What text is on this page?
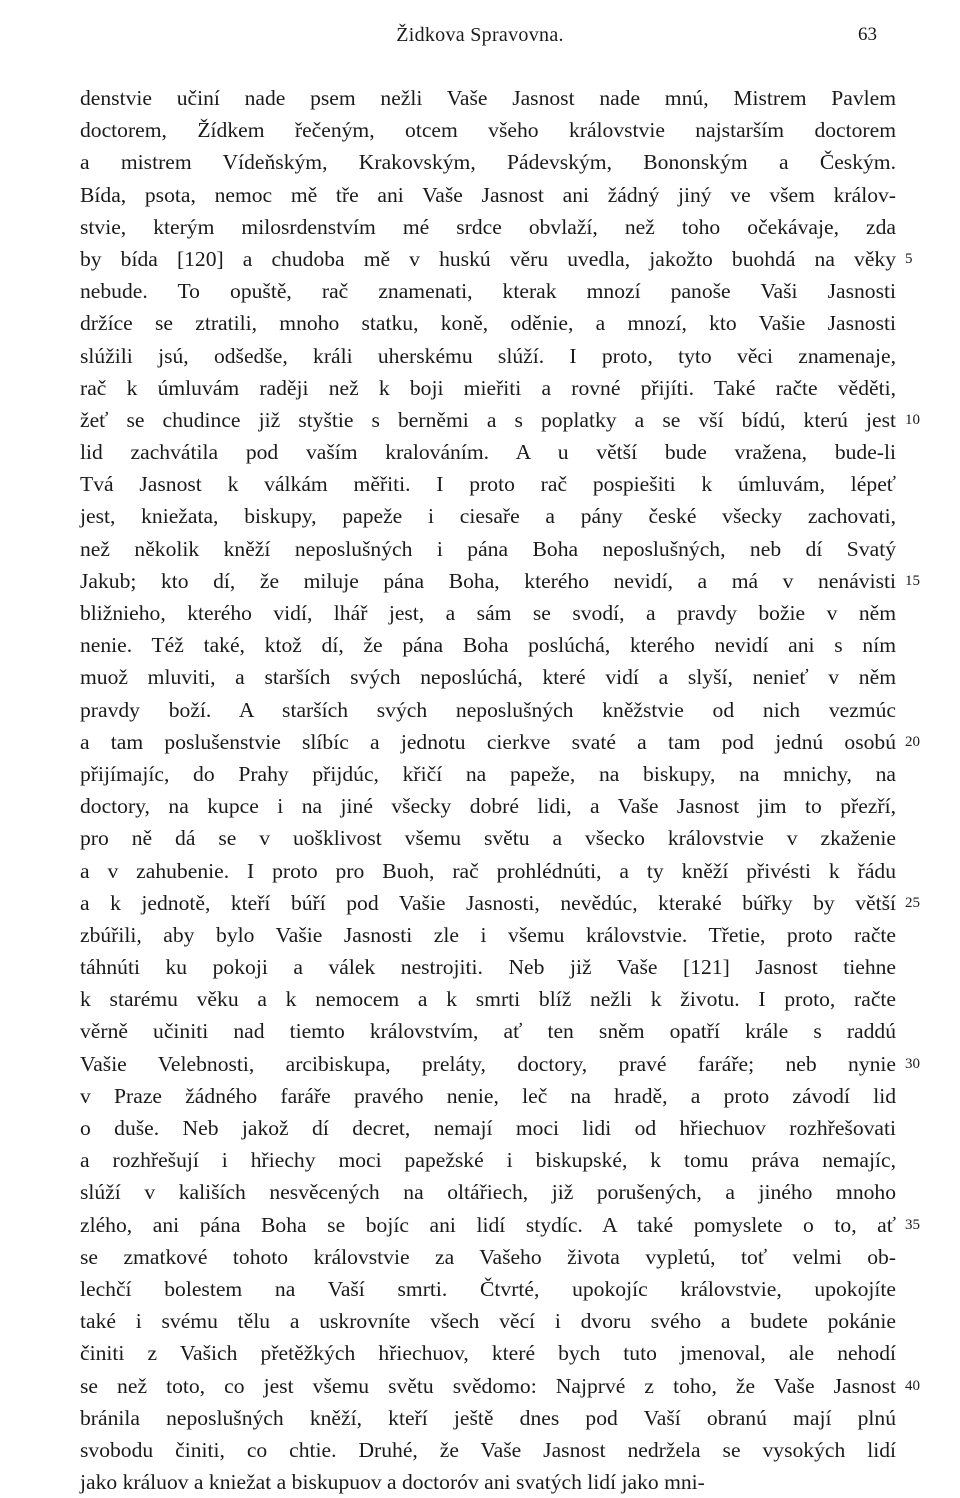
Židkova Spravovna.	63
denstvie učiní nade psem nežli Vaše Jasnost nade mnú, Mistrem Pavlem
doctorem, Žídkem řečeným, otcem všeho královstvie najstarším doctorem
a mistrem Vídeňským, Krakovským, Pádevským, Bononským a Českým.
Bída, psota, nemoc mě tře ani Vaše Jasnost ani žádný jiný ve všem králov-
stvie, kterým milosrdenstvím mé srdce obvlaží, než toho očekávaje, zda
by bída [120] a chudoba mě v huskú věru uvedla, jakožto buohdá na věky
nebude. To opuště, rač znamenati, kterak mnozí panoše Vaši Jasnosti
držíce se ztratili, mnoho statku, koně, oděnie, a mnozí, kto Vašie Jasnosti
slúžili jsú, odšedše, králi uherskému slúží. I proto, tyto věci znamenaje,
rač k úmluvám raději než k boji mieřiti a rovné přijíti. Také račte věděti,
žeť se chudince již styštie s berněmi a s poplatky a se vší bídú, kterú jest
lid zachvátila pod vaším kralováním. A u větší bude vražena, bude-li
Tvá Jasnost k válkám měřiti. I proto rač pospiešiti k úmluvám, lépeť
jest, kniežata, biskupy, papeže i ciesaře a pány české všecky zachovati,
než několik kněží neposlušných i pána Boha neposlušných, neb dí Svatý
Jakub; kto dí, že miluje pána Boha, kterého nevidí, a má v nenávisti
bližnieho, kterého vidí, lhář jest, a sám se svodí, a pravdy božie v něm
nenie. Též také, ktož dí, že pána Boha poslúchá, kterého nevidí ani s ním
muož mluviti, a starších svých neposlúchá, které vidí a slyší, nenieť v něm
pravdy boží. A starších svých neposlušných kněžstvie od nich vezmúc
a tam poslušenstvie slíbíc a jednotu cierkve svaté a tam pod jednú osobú
přijímajíc, do Prahy přijdúc, křičí na papeže, na biskupy, na mnichy, na
doctory, na kupce i na jiné všecky dobré lidi, a Vaše Jasnost jim to přezří,
pro ně dá se v uošklivost všemu světu a všecko královstvie v zkaženie
a v zahubenie. I proto pro Buoh, rač prohlédnúti, a ty kněží přivésti k řádu
a k jednotě, kteří búří pod Vašie Jasnosti, nevědúc, kteraké búřky by větší
zbúřili, aby bylo Vašie Jasnosti zle i všemu královstvie. Třetie, proto račte
táhnúti ku pokoji a válek nestrojiti. Neb již Vaše [121] Jasnost tiehne
k starému věku a k nemocem a k smrti blíž nežli k životu. I proto, račte
věrně učiniti nad tiemto královstvím, ať ten sněm opatří krále s raddú
Vašie Velebnosti, arcibiskupa, preláty, doctory, pravé faráře; neb nynie
v Praze žádného faráře pravého nenie, leč na hradě, a proto závodí lid
o duše. Neb jakož dí decret, nemají moci lidi od hřiechuov rozhřešovati
a rozhřešují i hřiechy moci papežské i biskupské, k tomu práva nemajíc,
slúží v kališích nesvěcených na oltářiech, již porušených, a jiného mnoho
zlého, ani pána Boha se bojíc ani lidí stydíc. A také pomyslete o to, ať
se zmatkové tohoto královstvie za Vašeho života vypletú, toť velmi ob-
lechčí bolestem na Vaší smrti. Čtvrté, upokojíc královstvie, upokojíte
také i svému tělu a uskrovníte všech věcí i dvoru svého a budete pokánie
činiti z Vašich přetěžkých hřiechuov, které bych tuto jmenoval, ale nehodí
se než toto, co jest všemu světu svědomo: Najprvé z toho, že Vaše Jasnost
bránila neposlušných kněží, kteří ještě dnes pod Vaší obranú mají plnú
svobodu činiti, co chtie. Druhé, že Vaše Jasnost nedržela se vysokých lidí
jako králuov a kniežat a biskupuov a doctoróv ani svatých lidí jako mni-
5
10
15
20
25
30
35
40
